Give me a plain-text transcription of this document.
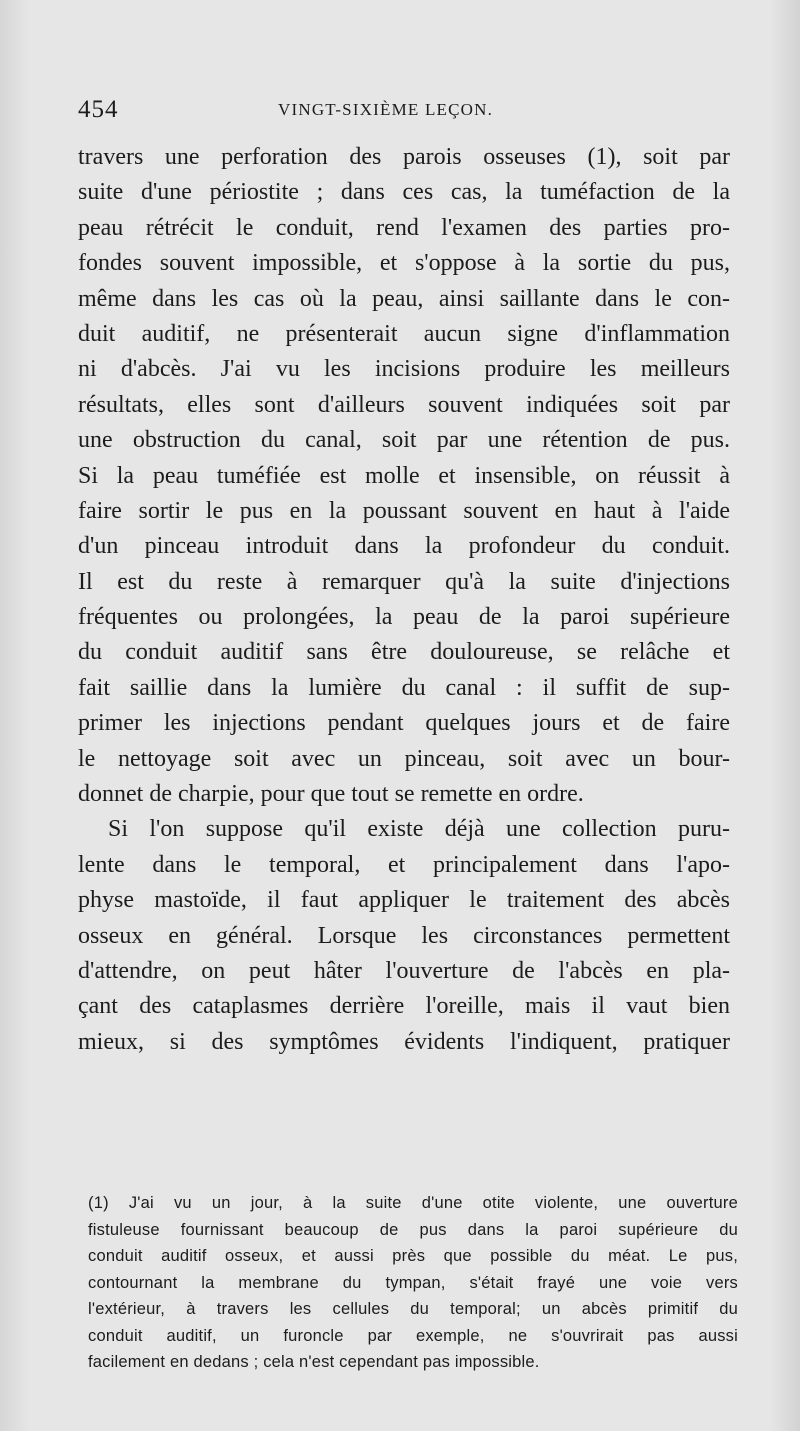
454	VINGT-SIXIÈME LEÇON.
travers une perforation des parois osseuses (1), soit par
suite d'une périostite ; dans ces cas, la tuméfaction de la
peau rétrécit le conduit, rend l'examen des parties pro-
fondes souvent impossible, et s'oppose à la sortie du pus,
même dans les cas où la peau, ainsi saillante dans le con-
duit auditif, ne présenterait aucun signe d'inflammation
ni d'abcès. J'ai vu les incisions produire les meilleurs
résultats, elles sont d'ailleurs souvent indiquées soit par
une obstruction du canal, soit par une rétention de pus.
Si la peau tuméfiée est molle et insensible, on réussit à
faire sortir le pus en la poussant souvent en haut à l'aide
d'un pinceau introduit dans la profondeur du conduit.
Il est du reste à remarquer qu'à la suite d'injections
fréquentes ou prolongées, la peau de la paroi supérieure
du conduit auditif sans être douloureuse, se relâche et
fait saillie dans la lumière du canal : il suffit de sup-
primer les injections pendant quelques jours et de faire
le nettoyage soit avec un pinceau, soit avec un bour-
donnet de charpie, pour que tout se remette en ordre.
Si l'on suppose qu'il existe déjà une collection puru-
lente dans le temporal, et principalement dans l'apo-
physe mastoïde, il faut appliquer le traitement des abcès
osseux en général. Lorsque les circonstances permettent
d'attendre, on peut hâter l'ouverture de l'abcès en pla-
çant des cataplasmes derrière l'oreille, mais il vaut bien
mieux, si des symptômes évidents l'indiquent, pratiquer
(1) J'ai vu un jour, à la suite d'une otite violente, une ouverture
fistuleuse fournissant beaucoup de pus dans la paroi supérieure du
conduit auditif osseux, et aussi près que possible du méat. Le pus,
contournant la membrane du tympan, s'était frayé une voie vers
l'extérieur, à travers les cellules du temporal; un abcès primitif du
conduit auditif, un furoncle par exemple, ne s'ouvrirait pas aussi
facilement en dedans ; cela n'est cependant pas impossible.
